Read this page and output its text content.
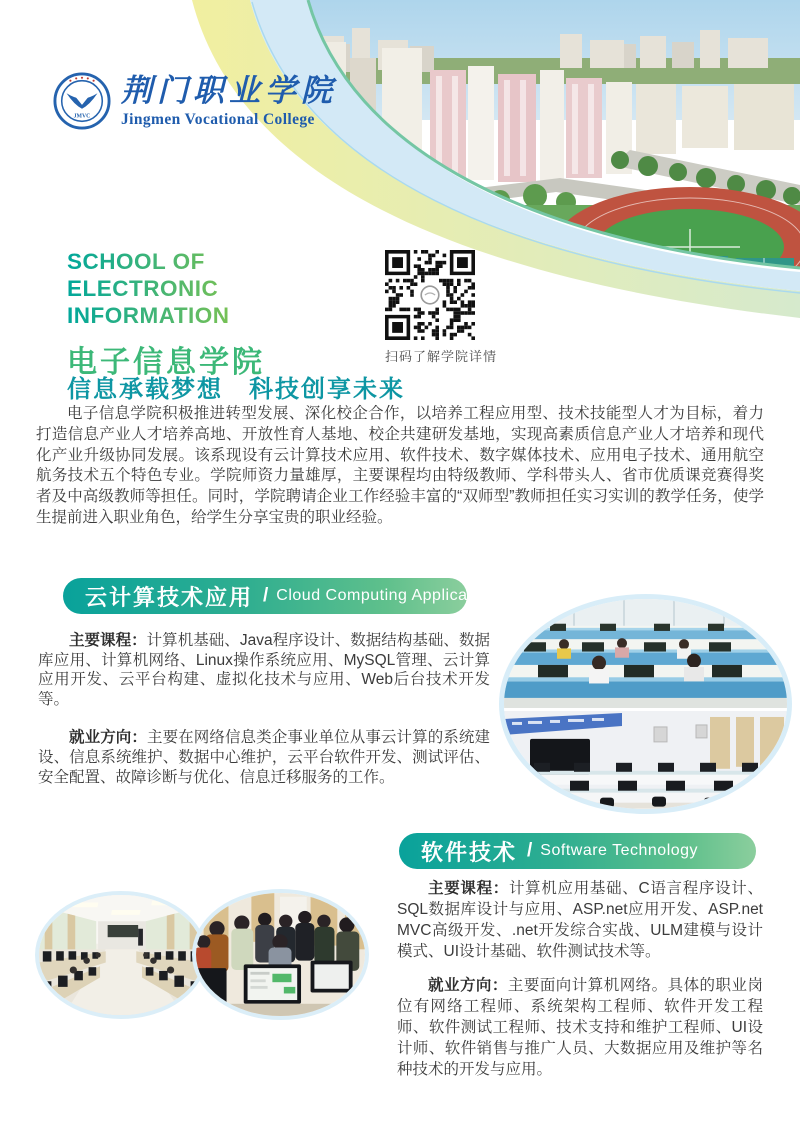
JMVC
荆门职业学院
Jingmen Vocational College
SCHOOL OF ELECTRONIC
INFORMATION
电子信息学院	扫码了解学院详情
信息承载梦想　科技创享未来

电子信息学院积极推进转型发展、深化校企合作，以培养工程应用型、技术技能型人才为目标，着力打造信息产业人才培养高地、开放性育人基地、校企共建研发基地，实现高素质信息产业人才培养和现代化产业升级协同发展。该系现设有云计算技术应用、软件技术、数字媒体技术、应用电子技术、通用航空航务技术五个特色专业。学院师资力量雄厚，主要课程均由特级教师、学科带头人、省市优质课竞赛得奖者及中高级教师等担任。同时，学院聘请企业工作经验丰富的“双师型”教师担任实习实训的教学任务，使学生提前进入职业角色，给学生分享宝贵的职业经验。

云计算技术应用 / Cloud Computing Application

主要课程：计算机基础、Java程序设计、数据结构基础、数据库应用、计算机网络、Linux操作系统应用、MySQL管理、云计算应用开发、云平台构建、虚拟化技术与应用、Web后台技术开发等。

就业方向：主要在网络信息类企事业单位从事云计算的系统建设、信息系统维护、数据中心维护，云平台软件开发、测试评估、安全配置、故障诊断与优化、信息迁移服务的工作。

软件技术 / Software Technology

主要课程：计算机应用基础、C语言程序设计、SQL数据库设计与应用、ASP.net应用开发、ASP.net MVC高级开发、.net开发综合实战、ULM建模与设计模式、UI设计基础、软件测试技术等。

就业方向：主要面向计算机网络。具体的职业岗位有网络工程师、系统架构工程师、软件开发工程师、软件测试工程师、技术支持和维护工程师、UI设计师、软件销售与推广人员、大数据应用及维护等名种技术的开发与应用。
